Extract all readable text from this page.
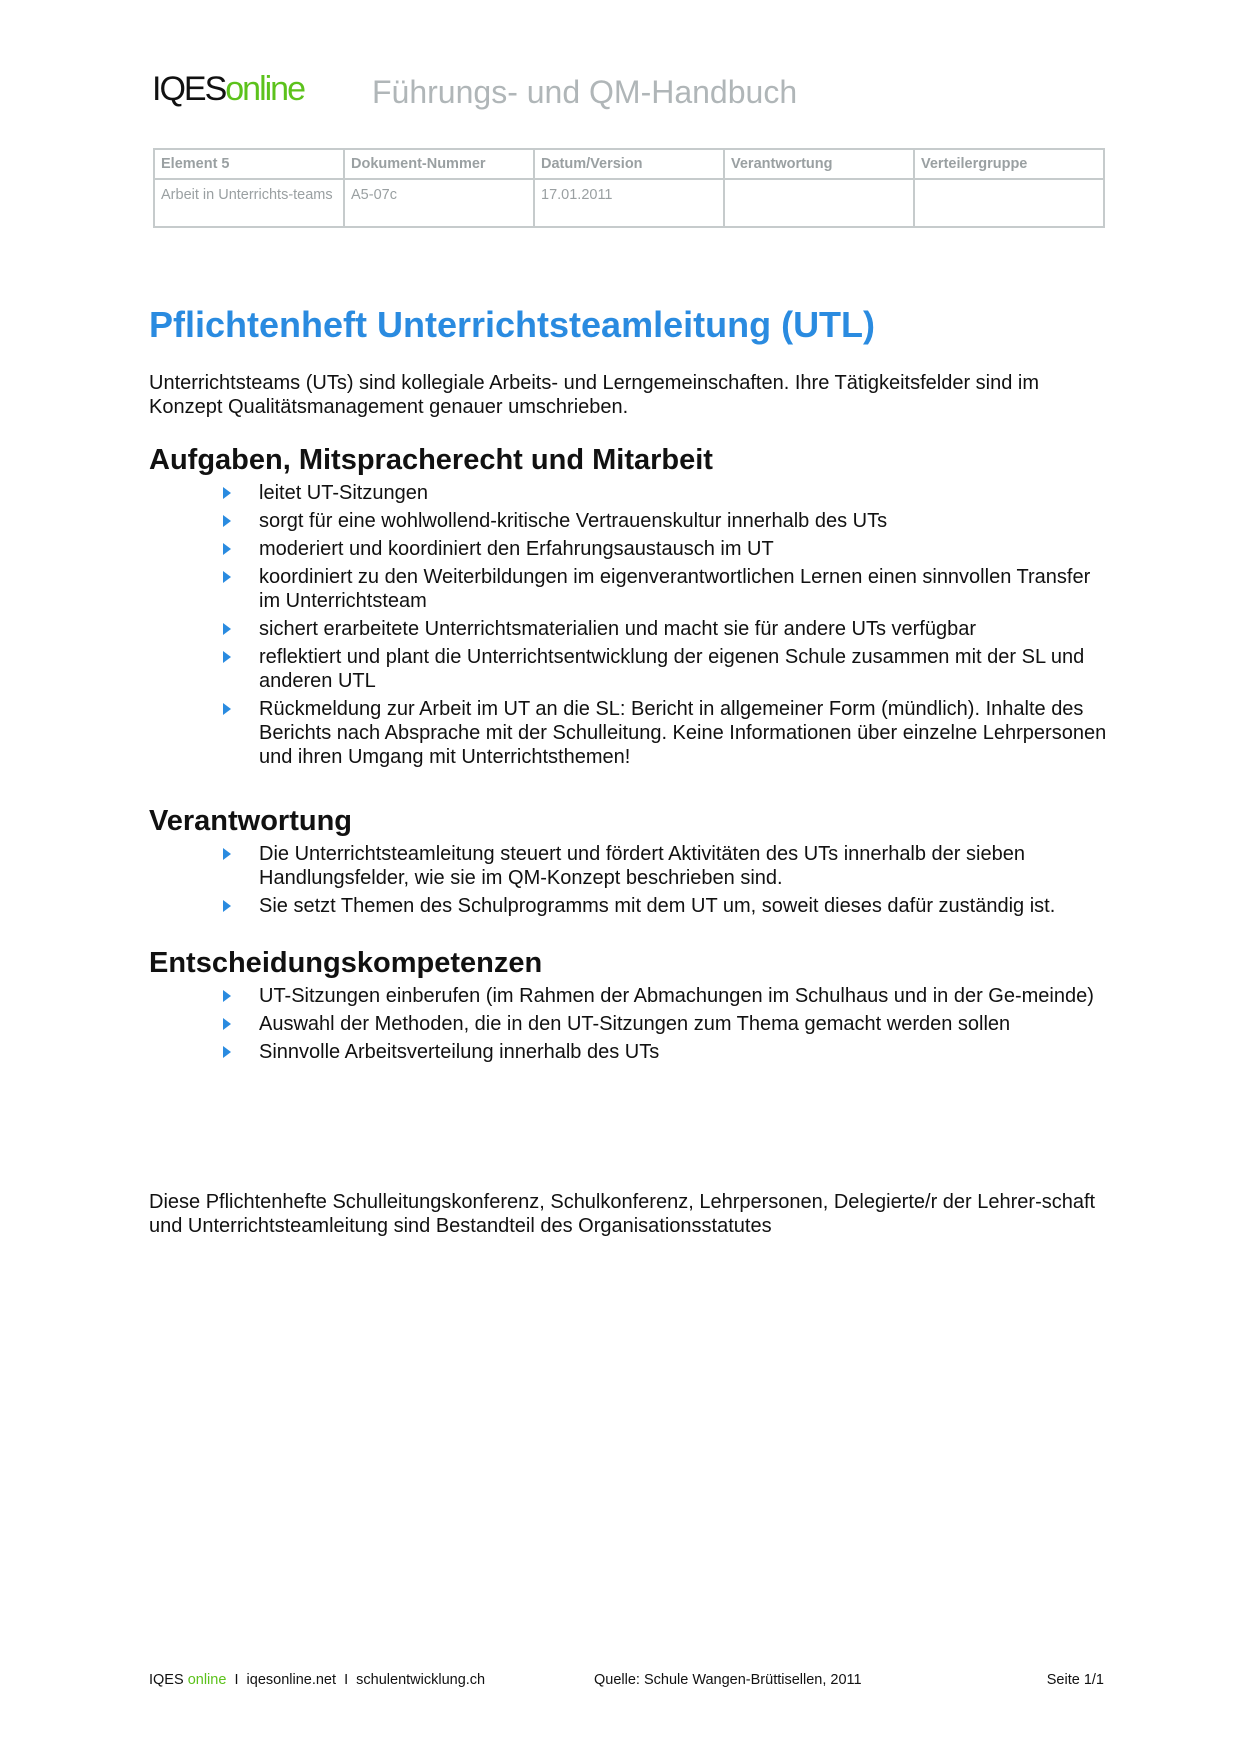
IQESonline Führungs- und QM-Handbuch
Element 5	Dokument-Nummer	Datum/Version	Verantwortung	Verteilergruppe
Arbeit in Unterrichts-teams	A5-07c	17.01.2011		
Pflichtenheft Unterrichtsteamleitung (UTL)
Unterrichtsteams (UTs) sind kollegiale Arbeits- und Lerngemeinschaften. Ihre Tätigkeitsfelder sind im Konzept Qualitätsmanagement genauer umschrieben.
Aufgaben, Mitspracherecht und Mitarbeit
leitet UT-Sitzungen
sorgt für eine wohlwollend-kritische Vertrauenskultur innerhalb des UTs
moderiert und koordiniert den Erfahrungsaustausch im UT
koordiniert zu den Weiterbildungen im eigenverantwortlichen Lernen einen sinnvollen Transfer im Unterrichtsteam
sichert erarbeitete Unterrichtsmaterialien und macht sie für andere UTs verfügbar
reflektiert und plant die Unterrichtsentwicklung der eigenen Schule zusammen mit der SL und anderen UTL
Rückmeldung zur Arbeit im UT an die SL: Bericht in allgemeiner Form (mündlich). Inhalte des Berichts nach Absprache mit der Schulleitung. Keine Informationen über einzelne Lehrpersonen und ihren Umgang mit Unterrichtsthemen!
Verantwortung
Die Unterrichtsteamleitung steuert und fördert Aktivitäten des UTs innerhalb der sieben Handlungsfelder, wie sie im QM-Konzept beschrieben sind.
Sie setzt Themen des Schulprogramms mit dem UT um, soweit dieses dafür zuständig ist.
Entscheidungskompetenzen
UT-Sitzungen einberufen (im Rahmen der Abmachungen im Schulhaus und in der Ge-meinde)
Auswahl der Methoden, die in den UT-Sitzungen zum Thema gemacht werden sollen
Sinnvolle Arbeitsverteilung innerhalb des UTs
Diese Pflichtenhefte Schulleitungskonferenz, Schulkonferenz, Lehrpersonen, Delegierte/r der Lehrer-schaft und Unterrichtsteamleitung sind Bestandteil des Organisationsstatutes
IQES online I  iqesonline.net  I  schulentwicklung.ch	Quelle: Schule Wangen-Brüttisellen, 2011	Seite 1/1
